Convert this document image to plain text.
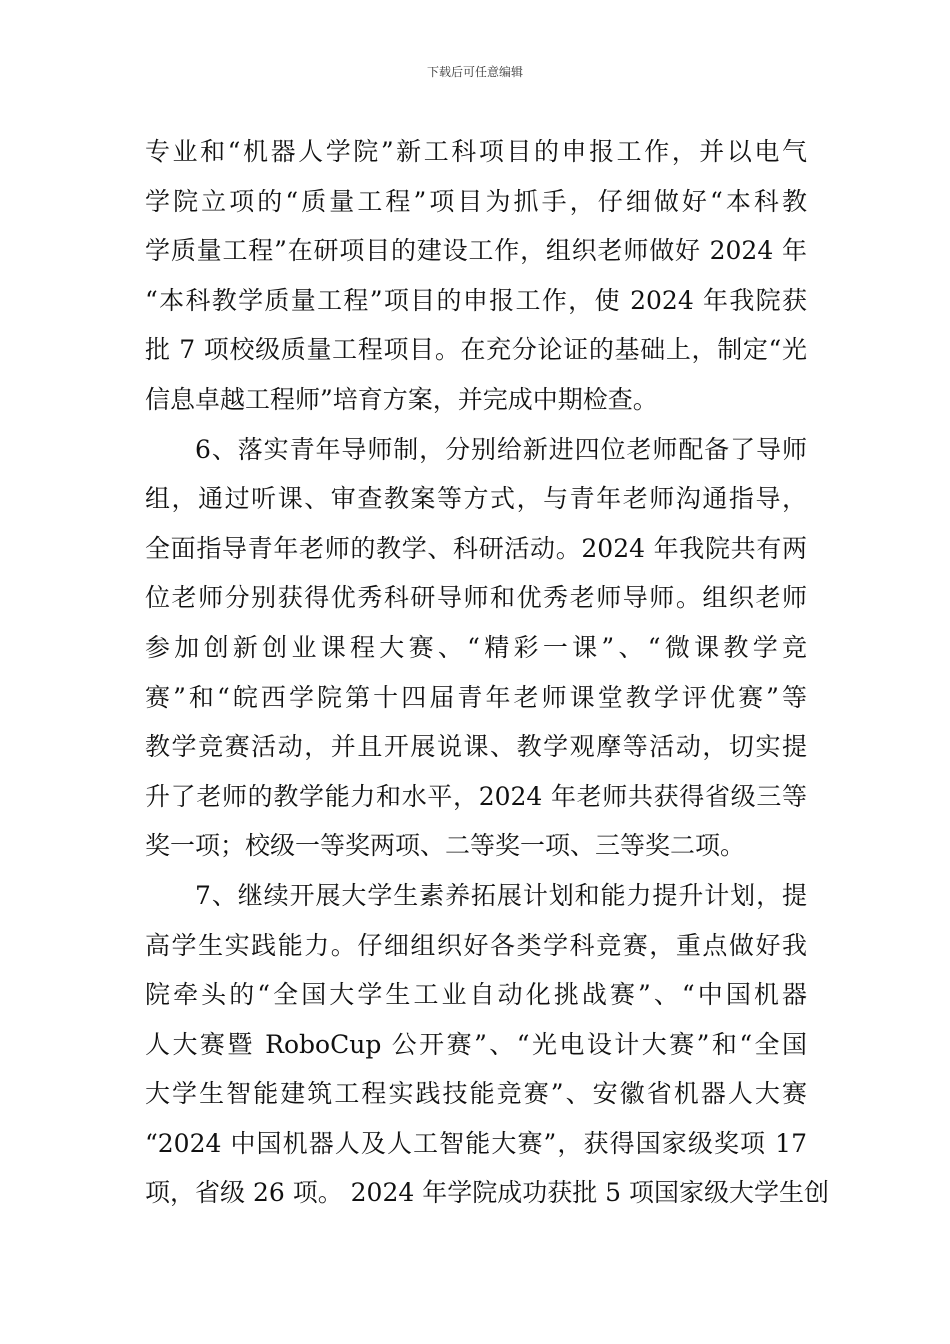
下载后可任意编辑
专业和“机器人学院”新工科项目的申报工作，并以电气
学院立项的“质量工程”项目为抓手，仔细做好“本科教
学质量工程”在研项目的建设工作，组织老师做好 2024 年
“本科教学质量工程”项目的申报工作，使 2024 年我院获
批 7 项校级质量工程项目。在充分论证的基础上，制定“光
信息卓越工程师”培育方案，并完成中期检查。
6、落实青年导师制，分别给新进四位老师配备了导师
组，通过听课、审查教案等方式，与青年老师沟通指导，
全面指导青年老师的教学、科研活动。2024 年我院共有两
位老师分别获得优秀科研导师和优秀老师导师。组织老师
参加创新创业课程大赛、“精彩一课”、“微课教学竞
赛”和“皖西学院第十四届青年老师课堂教学评优赛”等
教学竞赛活动，并且开展说课、教学观摩等活动，切实提
升了老师的教学能力和水平，2024 年老师共获得省级三等
奖一项；校级一等奖两项、二等奖一项、三等奖二项。
7、继续开展大学生素养拓展计划和能力提升计划，提
高学生实践能力。仔细组织好各类学科竞赛，重点做好我
院牵头的“全国大学生工业自动化挑战赛”、“中国机器
人大赛暨 RoboCup 公开赛”、“光电设计大赛”和“全国
大学生智能建筑工程实践技能竞赛”、安徽省机器人大赛
“2024 中国机器人及人工智能大赛”，获得国家级奖项 17
项，省级 26 项。 2024 年学院成功获批 5 项国家级大学生创
